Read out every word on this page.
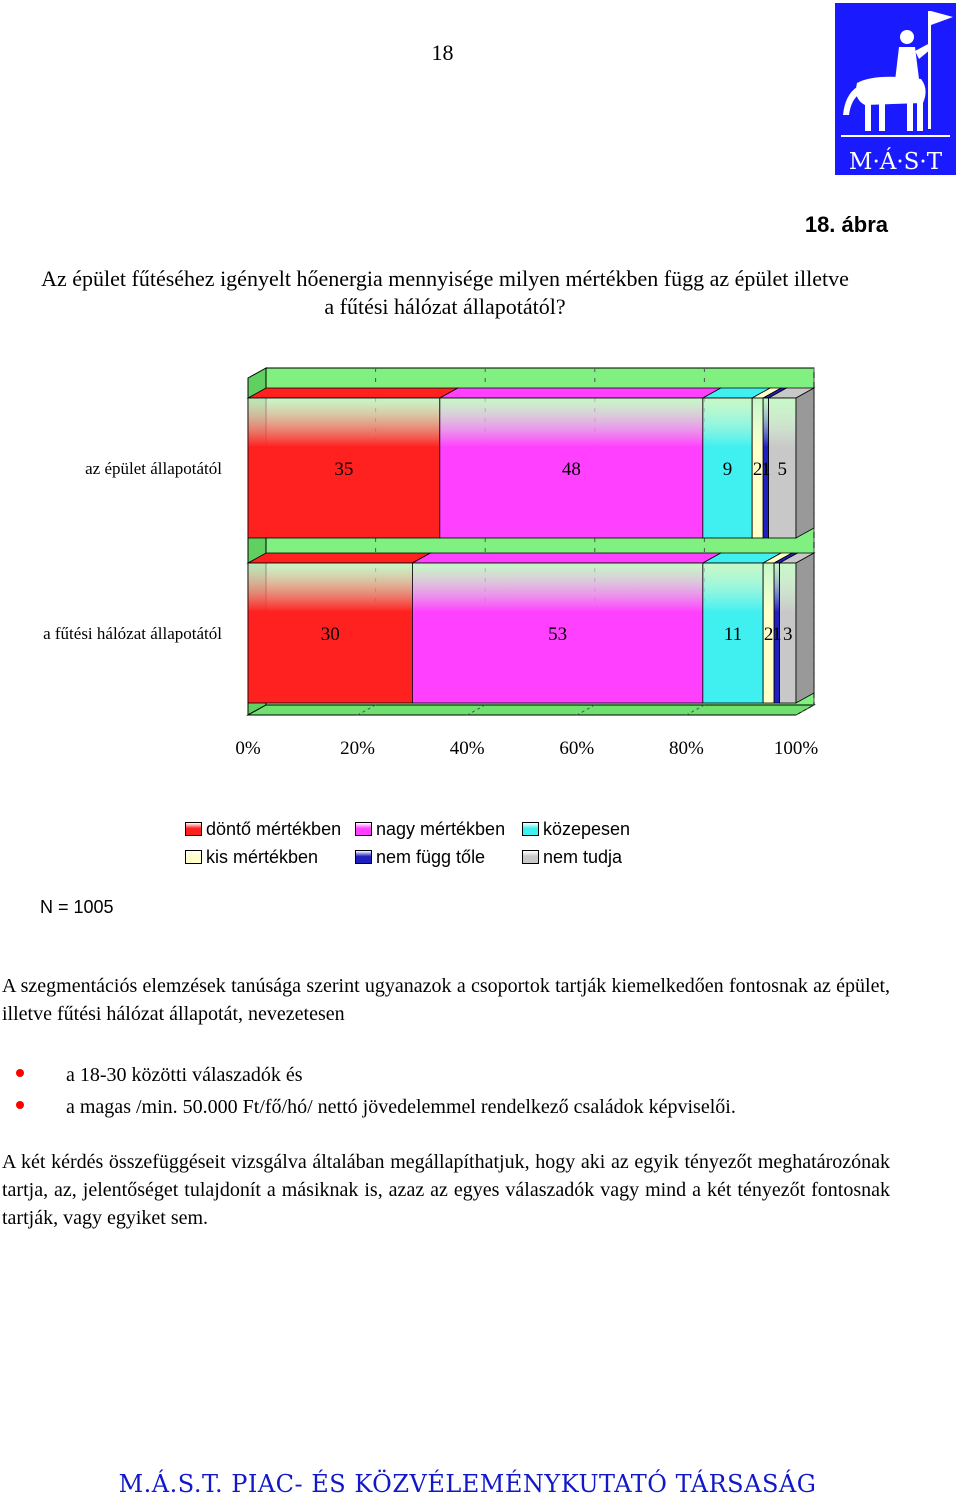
18
M·Á·S·T
18. ábra
Az épület fűtéséhez igényelt hőenergia mennyisége milyen mértékben függ az épület illetve a fűtési hálózat állapotától?
35	48	9 2
1 5
az épület állapotától
30	53	11 2
1 3
a fűtési hálózat állapotától
0%	20%	40%	60%	80%	100%
döntő mértékben nagy mértékben közepesen
kis mértékben	nem függ tőle	nem tudja
N = 1005
A szegmentációs elemzések tanúsága szerint ugyanazok a csoportok tartják kiemelkedően fontosnak az épület, illetve fűtési hálózat állapotát, nevezetesen
a 18-30 közötti válaszadók és
a magas /min. 50.000 Ft/fő/hó/ nettó jövedelemmel rendelkező családok képviselői.
A két kérdés összefüggéseit vizsgálva általában megállapíthatjuk, hogy aki az egyik tényezőt meghatározónak tartja, az, jelentőséget tulajdonít a másiknak is, azaz az egyes válaszadók vagy mind a két tényezőt fontosnak tartják, vagy egyiket sem.
M.Á.S.T. PIAC- ÉS KÖZVÉLEMÉNYKUTATÓ TÁRSASÁG
